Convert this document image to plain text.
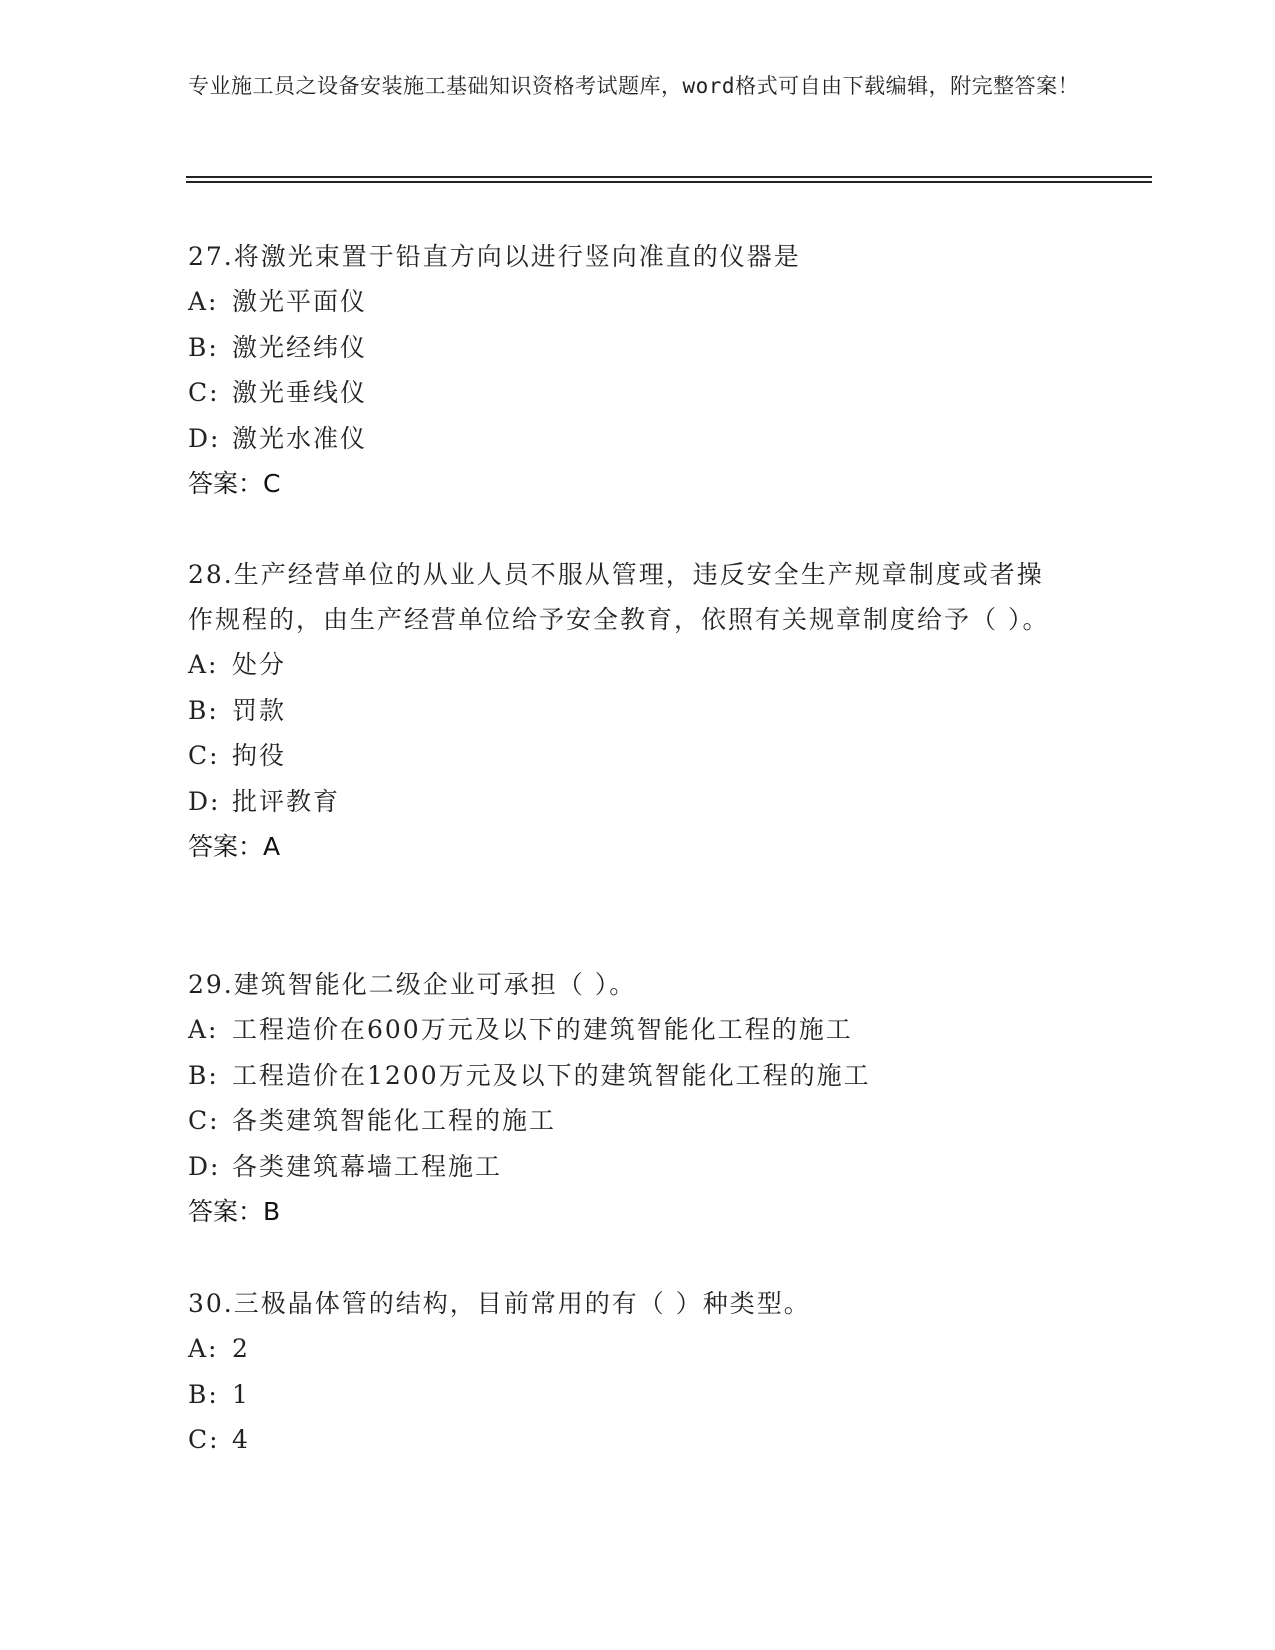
专业施工员之设备安装施工基础知识资格考试题库，word格式可自由下载编辑，附完整答案！

27.将激光束置于铅直方向以进行竖向准直的仪器是

A: 激光平面仪

B: 激光经纬仪

C: 激光垂线仪

D: 激光水准仪

答案：C

28.生产经营单位的从业人员不服从管理，违反安全生产规章制度或者操作规程的，由生产经营单位给予安全教育，依照有关规章制度给予（ ）。

A: 处分

B: 罚款

C: 拘役

D: 批评教育

答案：A

29.建筑智能化二级企业可承担（ ）。

A: 工程造价在600万元及以下的建筑智能化工程的施工

B: 工程造价在1200万元及以下的建筑智能化工程的施工

C: 各类建筑智能化工程的施工

D: 各类建筑幕墙工程施工

答案：B

30.三极晶体管的结构，目前常用的有（ ）种类型。

A: 2

B: 1

C: 4
